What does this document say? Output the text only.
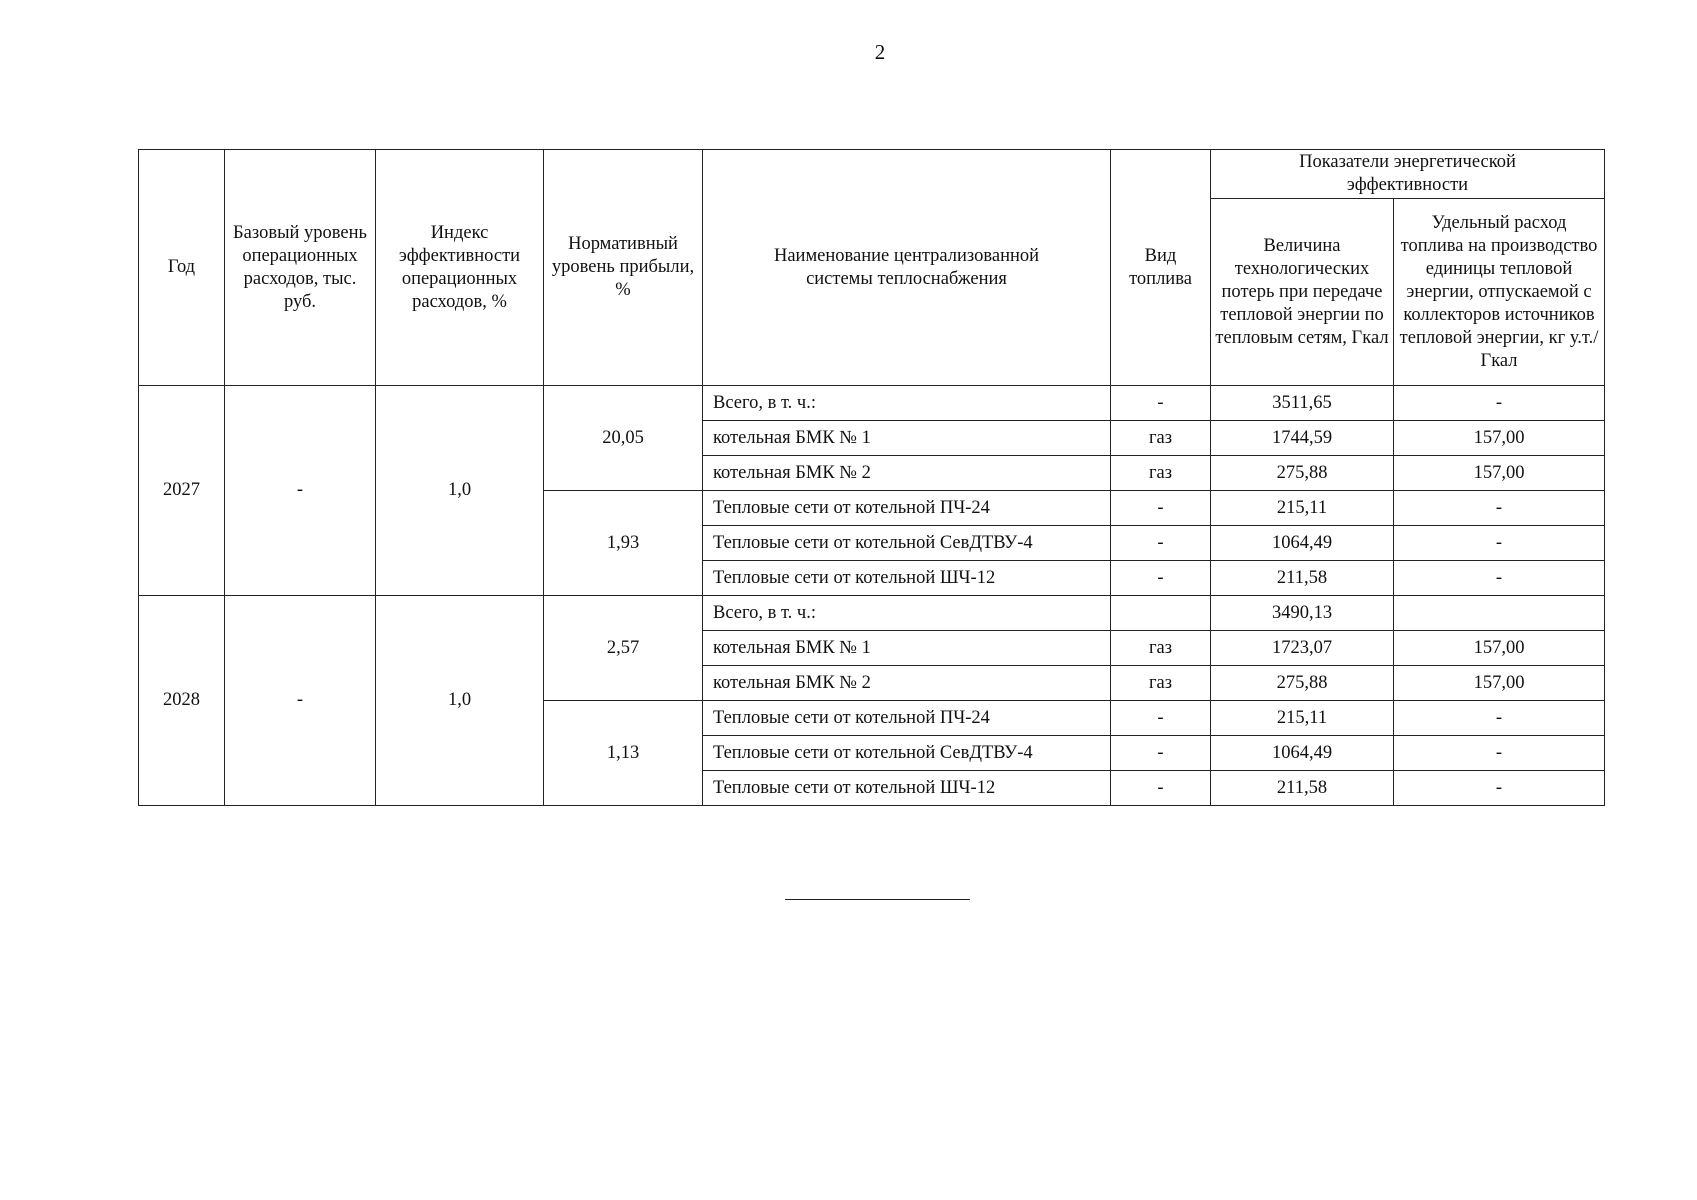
2
Год	Базовый уровень операционных расходов, тыс. руб.	Индекс эффективности операционных расходов, %	Нормативный уровень прибыли, %	Наименование централизованной системы теплоснабжения	Вид топлива	Показатели энергетической эффективности	
						Величина технологических потерь при передаче тепловой энергии по тепловым сетям, Гкал	Удельный расход топлива на производство единицы тепловой энергии, отпускаемой с коллекторов источников тепловой энергии, кг у.т./Гкал
2027	-	1,0	20,05	Всего, в т. ч.:	-	3511,65	-
				котельная БМК № 1	газ	1744,59	157,00
				котельная БМК № 2	газ	275,88	157,00
			1,93	Тепловые сети от котельной ПЧ-24	-	215,11	-
				Тепловые сети от котельной СевДТВУ-4	-	1064,49	-
				Тепловые сети от котельной ШЧ-12	-	211,58	-
2028	-	1,0	2,57	Всего, в т. ч.:		3490,13	
				котельная БМК № 1	газ	1723,07	157,00
				котельная БМК № 2	газ	275,88	157,00
			1,13	Тепловые сети от котельной ПЧ-24	-	215,11	-
				Тепловые сети от котельной СевДТВУ-4	-	1064,49	-
				Тепловые сети от котельной ШЧ-12	-	211,58	-
